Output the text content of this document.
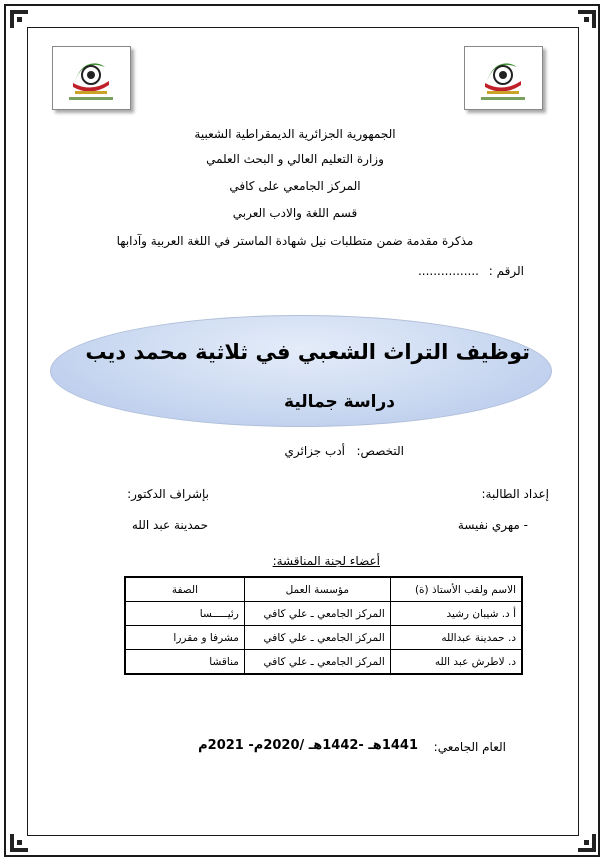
الجمهورية الجزائرية الديمقراطية الشعبية
وزارة التعليم العالي و البحث العلمي
المركز الجامعي على كافي
قسم اللغة والادب العربي
مذكرة مقدمة ضمن متطلبات نيل شهادة الماستر في اللغة العربية وآدابها
الرقم :
................
توظيف التراث الشعبي في ثلاثية محمد ديب
دراسة جمالية
التخصص:
أدب جزائري
إعداد الطالبة:
بإشراف الدكتور:
- مهري نفيسة
حمدينة عبد الله
أعضاء لجنة المناقشة:
الاسم ولقب الأستاذ (ة)	مؤسسة العمل	الصفة
أ د. شيبان رشيد	المركز الجامعي ـ علي كافي	رئيـــــسا
د. حمدينة عبدالله	المركز الجامعي ـ علي كافي	مشرفا و مقررا
د. لاطرش عبد الله	المركز الجامعي ـ علي كافي	مناقشا
العام الجامعي:
1441هـ -1442هـ /2020م- 2021م
